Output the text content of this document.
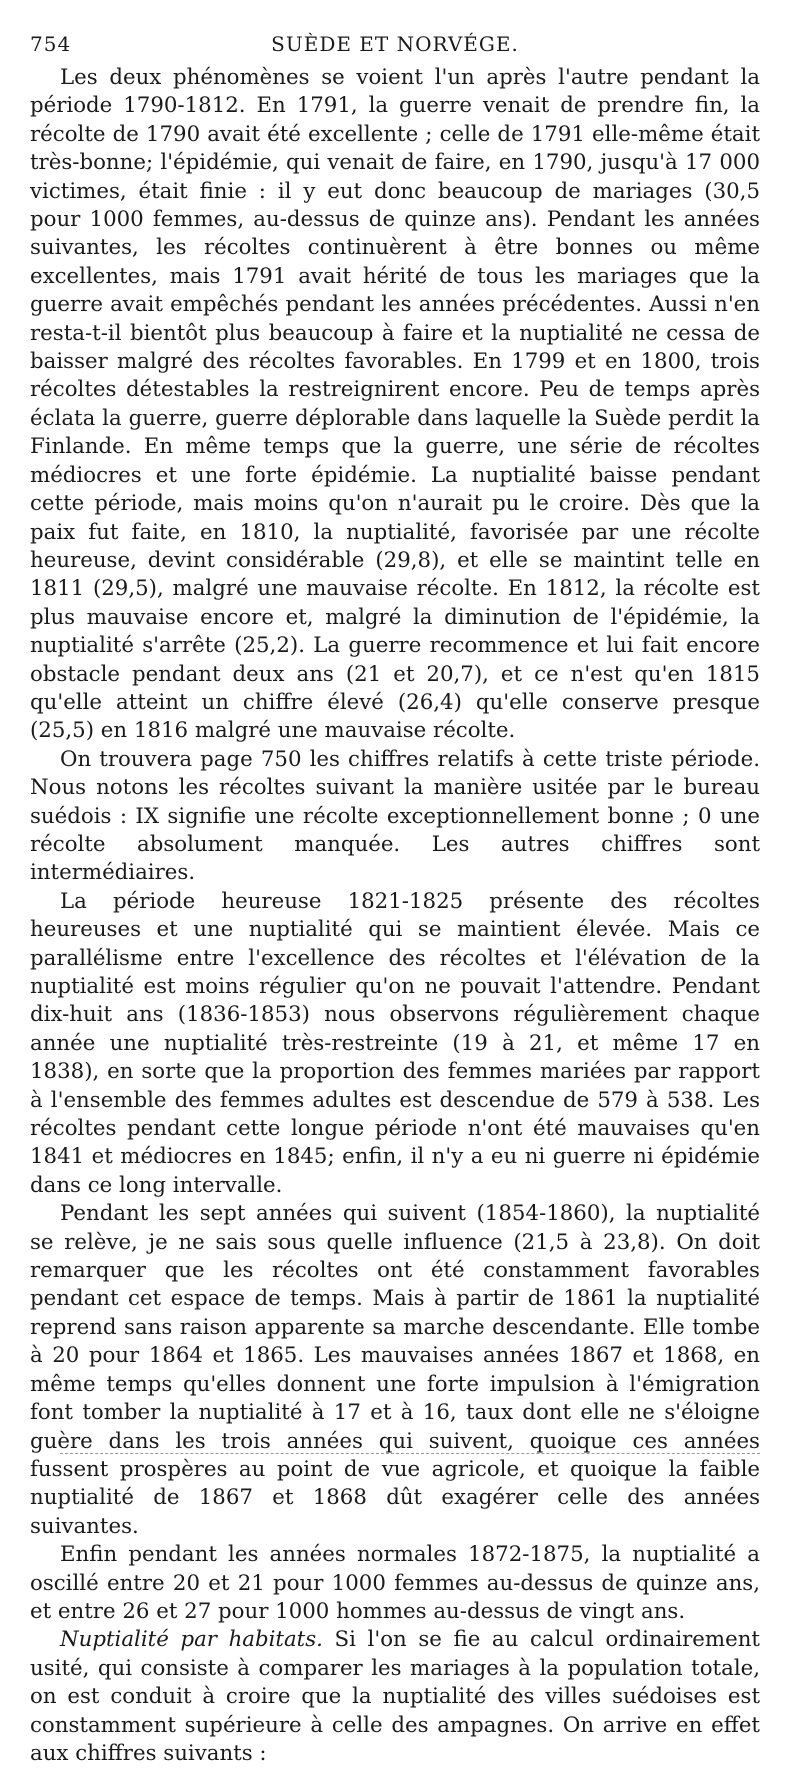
754	SUÈDE ET NORVÉGE.

Les deux phénomènes se voient l'un après l'autre pendant la période 1790-1812. En 1791, la guerre venait de prendre fin, la récolte de 1790 avait été excellente ; celle de 1791 elle-même était très-bonne; l'épidémie, qui venait de faire, en 1790, jusqu'à 17 000 victimes, était finie : il y eut donc beaucoup de mariages (30,5 pour 1000 femmes, au-dessus de quinze ans). Pendant les années suivantes, les récoltes continuèrent à être bonnes ou même excellentes, mais 1791 avait hérité de tous les mariages que la guerre avait empêchés pendant les années précédentes. Aussi n'en resta-t-il bientôt plus beaucoup à faire et la nuptialité ne cessa de baisser malgré des récoltes favorables. En 1799 et en 1800, trois récoltes détestables la restreignirent encore. Peu de temps après éclata la guerre, guerre déplorable dans laquelle la Suède perdit la Finlande. En même temps que la guerre, une série de récoltes médiocres et une forte épidémie. La nuptialité baisse pendant cette période, mais moins qu'on n'aurait pu le croire. Dès que la paix fut faite, en 1810, la nuptialité, favorisée par une récolte heureuse, devint considérable (29,8), et elle se maintint telle en 1811 (29,5), malgré une mauvaise récolte. En 1812, la récolte est plus mauvaise encore et, malgré la diminution de l'épidémie, la nuptialité s'arrête (25,2). La guerre recommence et lui fait encore obstacle pendant deux ans (21 et 20,7), et ce n'est qu'en 1815 qu'elle atteint un chiffre élevé (26,4) qu'elle conserve presque (25,5) en 1816 malgré une mauvaise récolte.

On trouvera page 750 les chiffres relatifs à cette triste période. Nous notons les récoltes suivant la manière usitée par le bureau suédois : IX signifie une récolte exceptionnellement bonne ; 0 une récolte absolument manquée. Les autres chiffres sont intermédiaires.

La période heureuse 1821-1825 présente des récoltes heureuses et une nuptialité qui se maintient élevée. Mais ce parallélisme entre l'excellence des récoltes et l'élévation de la nuptialité est moins régulier qu'on ne pouvait l'attendre. Pendant dix-huit ans (1836-1853) nous observons régulièrement chaque année une nuptialité très-restreinte (19 à 21, et même 17 en 1838), en sorte que la proportion des femmes mariées par rapport à l'ensemble des femmes adultes est descendue de 579 à 538. Les récoltes pendant cette longue période n'ont été mauvaises qu'en 1841 et médiocres en 1845; enfin, il n'y a eu ni guerre ni épidémie dans ce long intervalle.

Pendant les sept années qui suivent (1854-1860), la nuptialité se relève, je ne sais sous quelle influence (21,5 à 23,8). On doit remarquer que les récoltes ont été constamment favorables pendant cet espace de temps. Mais à partir de 1861 la nuptialité reprend sans raison apparente sa marche descendante. Elle tombe à 20 pour 1864 et 1865. Les mauvaises années 1867 et 1868, en même temps qu'elles donnent une forte impulsion à l'émigration font tomber la nuptialité à 17 et à 16, taux dont elle ne s'éloigne guère dans les trois années qui suivent, quoique ces années fussent prospères au point de vue agricole, et quoique la faible nuptialité de 1867 et 1868 dût exagérer celle des années suivantes.

Enfin pendant les années normales 1872-1875, la nuptialité a oscillé entre 20 et 21 pour 1000 femmes au-dessus de quinze ans, et entre 26 et 27 pour 1000 hommes au-dessus de vingt ans.

Nuptialité par habitats. Si l'on se fie au calcul ordinairement usité, qui consiste à comparer les mariages à la population totale, on est conduit à croire que la nuptialité des villes suédoises est constamment supérieure à celle des ampagnes. On arrive en effet aux chiffres suivants :
